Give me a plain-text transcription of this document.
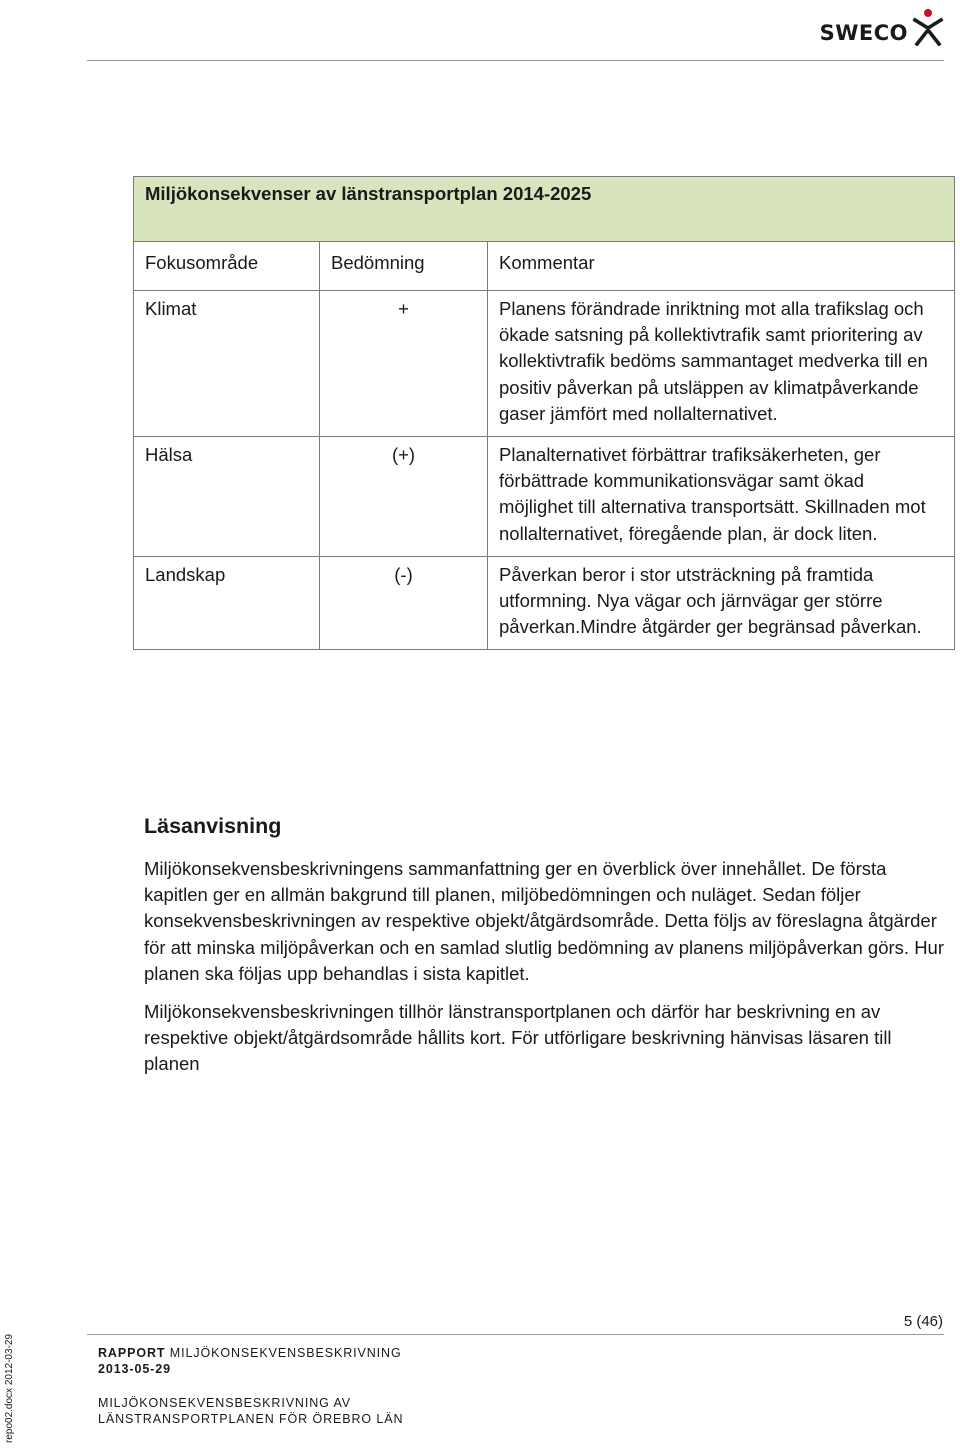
SWECO
Miljökonsekvenser av länstransportplan 2014-2025		
Fokusområde	Bedömning	Kommentar
Klimat	+	Planens förändrade inriktning mot alla trafikslag och ökade satsning på kollektivtrafik samt prioritering av kollektivtrafik bedöms sammantaget medverka till en positiv påverkan på utsläppen av klimatpåverkande gaser jämfört med nollalternativet.
Hälsa	(+)	Planalternativet förbättrar trafiksäkerheten, ger förbättrade kommunikationsvägar samt ökad möjlighet till alternativa transportsätt. Skillnaden mot nollalternativet, föregående plan, är dock liten.
Landskap	(-)	Påverkan beror i stor utsträckning på framtida utformning. Nya vägar och järnvägar ger större påverkan.Mindre åtgärder ger begränsad påverkan.
Läsanvisning

Miljökonsekvensbeskrivningens sammanfattning ger en överblick över innehållet. De första kapitlen ger en allmän bakgrund till planen, miljöbedömningen och nuläget. Sedan följer konsekvensbeskrivningen av respektive objekt/åtgärdsområde. Detta följs av föreslagna åtgärder för att minska miljöpåverkan och en samlad slutlig bedömning av planens miljöpåverkan görs. Hur planen ska följas upp behandlas i sista kapitlet.

Miljökonsekvensbeskrivningen tillhör länstransportplanen och därför har beskrivning en av respektive objekt/åtgärdsområde hållits kort. För utförligare beskrivning hänvisas läsaren till planen

5 (46)
RAPPORT MILJÖKONSEKVENSBESKRIVNING
2013-05-29
MILJÖKONSEKVENSBESKRIVNING AV
LÄNSTRANSPORTPLANEN FÖR ÖREBRO LÄN
repo02.docx 2012-03-29
